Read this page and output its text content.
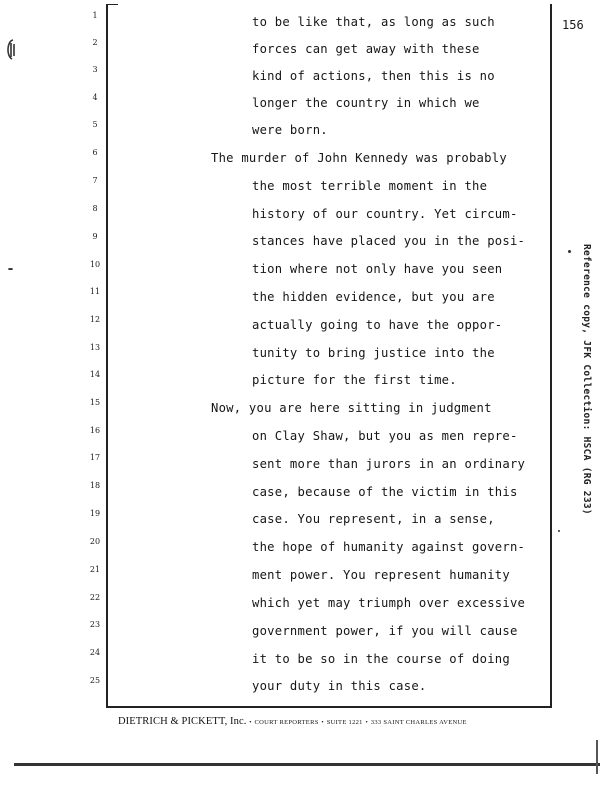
156
1
2
3
4
5
6
7
8
9
10
11
12
13
14
15
16
17
18
19
20
21
22
23
24
25
to be like that, as long as such
forces can get away with these
kind of actions, then this is no
longer the country in which we
were born.
The murder of John Kennedy was probably
the most terrible moment in the
history of our country. Yet circum-
stances have placed you in the posi-
tion where not only have you seen
the hidden evidence, but you are
actually going to have the oppor-
tunity to bring justice into the
picture for the first time.
Now, you are here sitting in judgment
on Clay Shaw, but you as men repre-
sent more than jurors in an ordinary
case, because of the victim in this
case. You represent, in a sense,
the hope of humanity against govern-
ment power. You represent humanity
which yet may triumph over excessive
government power, if you will cause
it to be so in the course of doing
your duty in this case.
DIETRICH & PICKETT, Inc. • COURT REPORTERS • SUITE 1221 • 333 SAINT CHARLES AVENUE
Reference copy, JFK Collection: HSCA (RG 233)
